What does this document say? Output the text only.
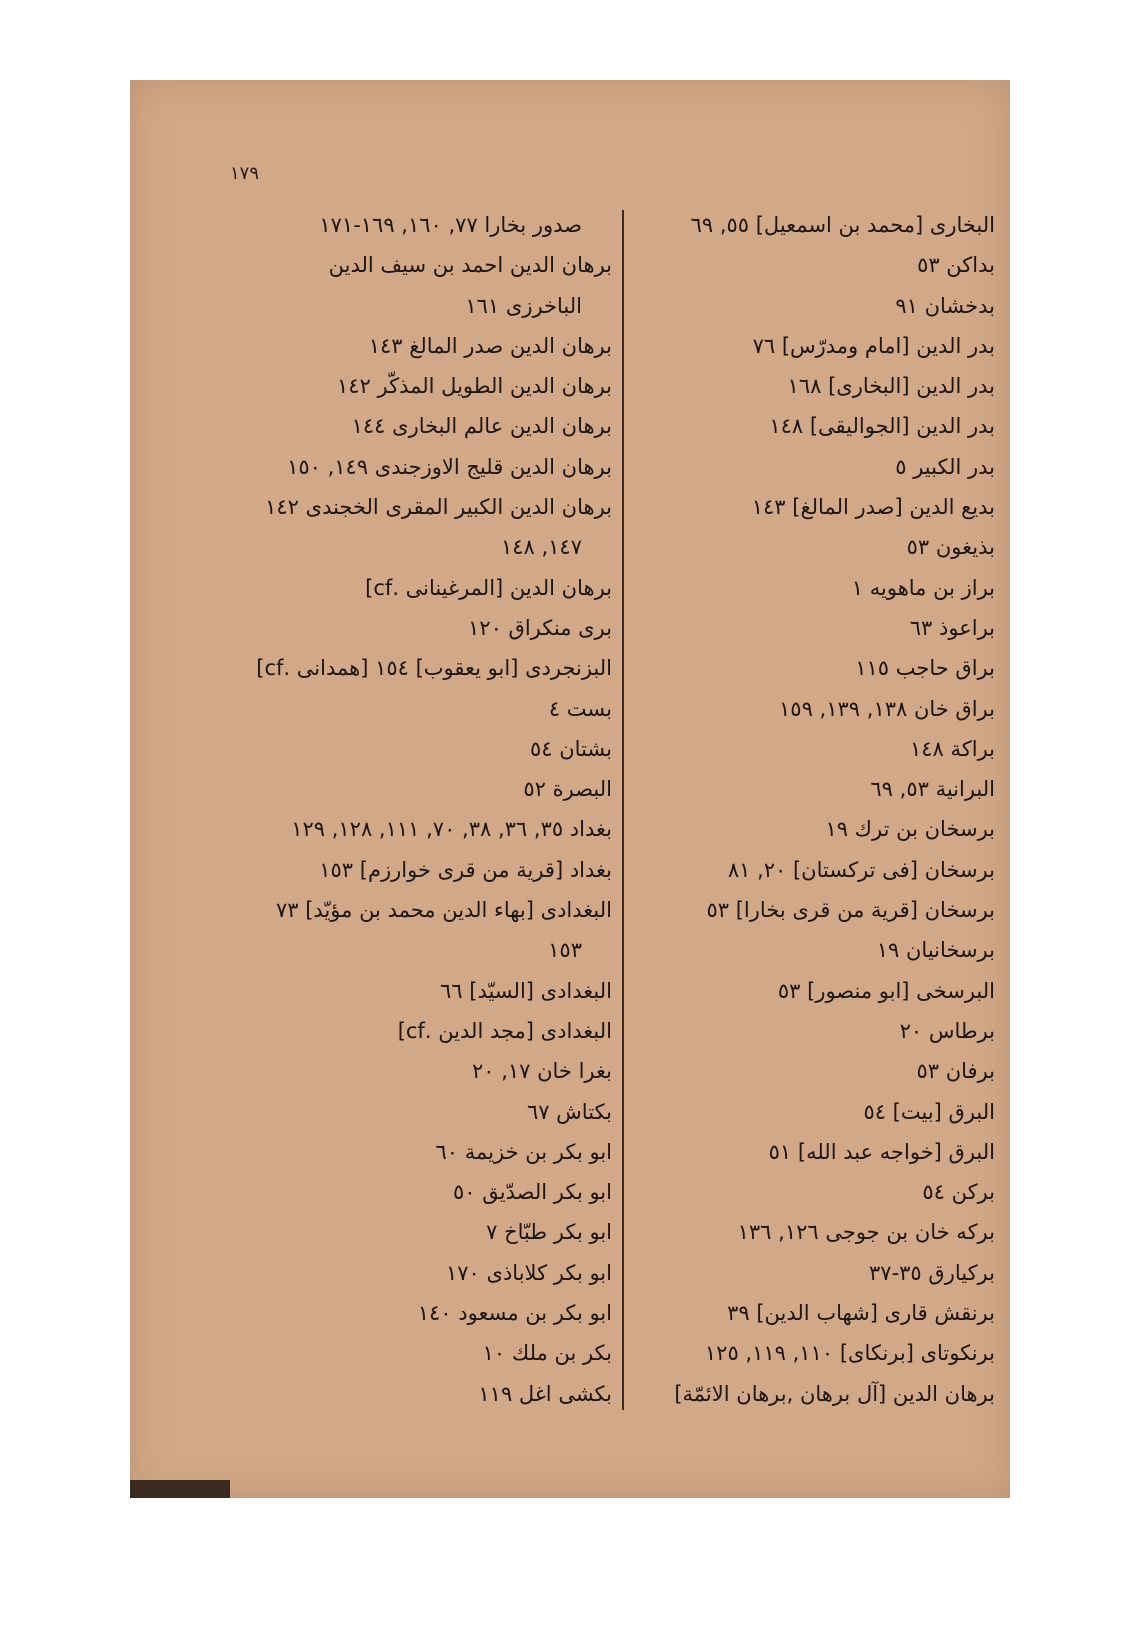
١٧٩
البخاری [محمد بن اسمعیل] ٥٥, ٦٩
بداکن ٥٣
بدخشان ٩١
بدر الدین [امام ومدرّس] ٧٦
بدر الدین [البخاری] ١٦٨
بدر الدین [الجوالیقی] ١٤٨
بدر الکبیر ٥
بدیع الدین [صدر المالغ] ١٤٣
بذیغون ٥٣
براز بن ماهویه ١
براعوذ ٦٣
براق حاجب ١١٥
براق خان ١٣٨, ١٣٩, ١٥٩
براکة ١٤٨
البرانیة ٥٣, ٦٩
برسخان بن ترك ١٩
برسخان [فی ترکستان] ٢٠, ٨١
برسخان [قریة من قری بخارا] ٥٣
برسخانیان ١٩
البرسخی [ابو منصور] ٥٣
برطاس ٢٠
برفان ٥٣
البرق [بیت] ٥٤
البرق [خواجه عبد الله] ٥١
برکن ٥٤
برکه خان بن جوجی ١٢٦, ١٣٦
برکیارق ٣٥-٣٧
برنقش قاری [شهاب الدین] ٣٩
برنکوتای [برنکای] ١١٠, ١١٩, ١٢٥
برهان الدین [آل برهان ,برهان الائمّة]
صدور بخارا ٧٧, ١٦٠, ١٦٩-١٧١
برهان الدین احمد بن سیف الدین
الباخرزی ١٦١
برهان الدین صدر المالغ ١٤٣
برهان الدین الطویل المذکّر ١٤٢
برهان الدین عالم البخاری ١٤٤
برهان الدین قلیج الاوزجندی ١٤٩, ١٥٠
برهان الدین الکبیر المقری الخجندی ١٤٢
١٤٧, ١٤٨
برهان الدین [المرغینانی .cf]
بری منکراق ١٢٠
البزنجردی [ابو یعقوب] ١٥٤ [همدانی .cf]
بست ٤
بشتان ٥٤
البصرة ٥٢
بغداد ٣٥, ٣٦, ٣٨, ٧٠, ١١١, ١٢٨, ١٢٩
بغداد [قریة من قری خوارزم] ١٥٣
البغدادی [بهاء الدین محمد بن مؤیّد] ٧٣
١٥٣
البغدادی [السیّد] ٦٦
البغدادی [مجد الدین .cf]
بغرا خان ١٧, ٢٠
بکتاش ٦٧
ابو بکر بن خزیمة ٦٠
ابو بکر الصدّیق ٥٠
ابو بکر طبّاخ ٧
ابو بکر کلاباذی ١٧٠
ابو بکر بن مسعود ١٤٠
بکر بن ملك ١٠
بکشی اغل ١١٩
